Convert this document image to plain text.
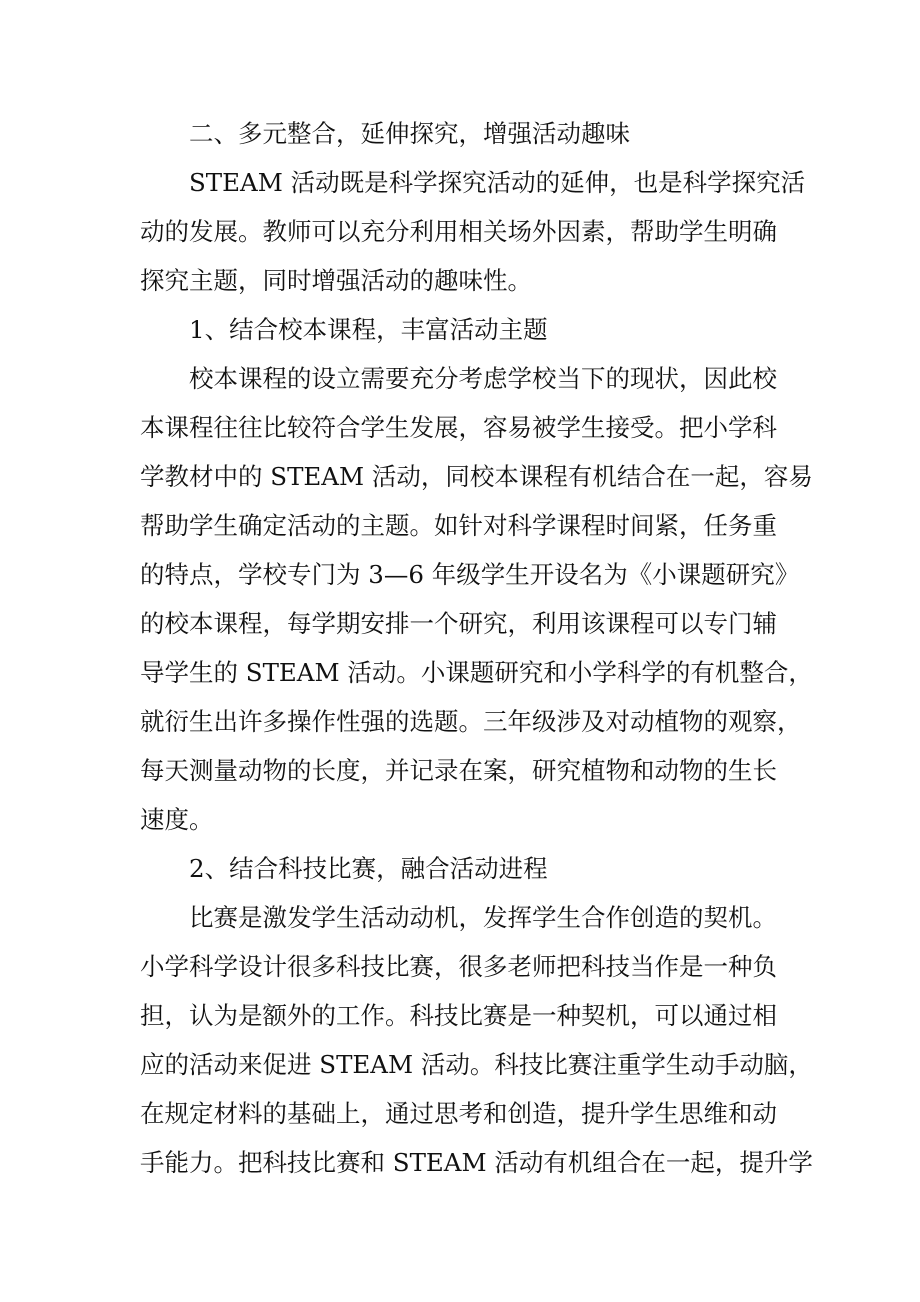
二、多元整合，延伸探究，增强活动趣味
STEAM 活动既是科学探究活动的延伸，也是科学探究活
动的发展。教师可以充分利用相关场外因素，帮助学生明确
探究主题，同时增强活动的趣味性。
1、结合校本课程，丰富活动主题
校本课程的设立需要充分考虑学校当下的现状，因此校
本课程往往比较符合学生发展，容易被学生接受。把小学科
学教材中的 STEAM 活动，同校本课程有机结合在一起，容易
帮助学生确定活动的主题。如针对科学课程时间紧，任务重
的特点，学校专门为 3—6 年级学生开设名为《小课题研究》
的校本课程，每学期安排一个研究，利用该课程可以专门辅
导学生的 STEAM 活动。小课题研究和小学科学的有机整合，
就衍生出许多操作性强的选题。三年级涉及对动植物的观察，
每天测量动物的长度，并记录在案，研究植物和动物的生长
速度。
2、结合科技比赛，融合活动进程
比赛是激发学生活动动机，发挥学生合作创造的契机。
小学科学设计很多科技比赛，很多老师把科技当作是一种负
担，认为是额外的工作。科技比赛是一种契机，可以通过相
应的活动来促进 STEAM 活动。科技比赛注重学生动手动脑，
在规定材料的基础上，通过思考和创造，提升学生思维和动
手能力。把科技比赛和 STEAM 活动有机组合在一起，提升学
